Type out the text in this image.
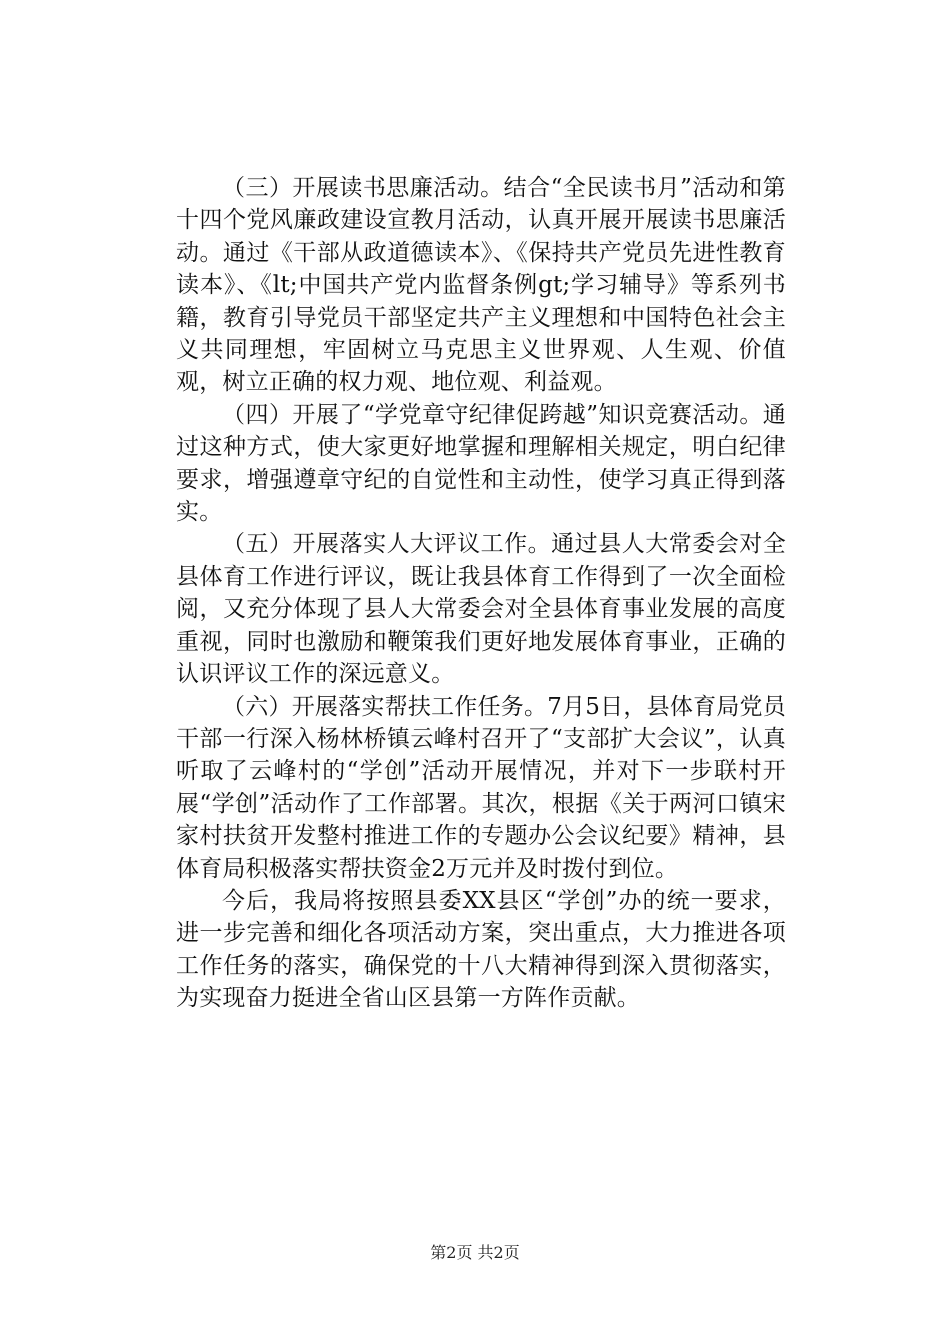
（三）开展读书思廉活动。结合“全民读书月”活动和第十四个党风廉政建设宣教月活动，认真开展开展读书思廉活动。通过《干部从政道德读本》、《保持共产党员先进性教育读本》、《lt;中国共产党内监督条例gt;学习辅导》等系列书籍，教育引导党员干部坚定共产主义理想和中国特色社会主义共同理想，牢固树立马克思主义世界观、人生观、价值观，树立正确的权力观、地位观、利益观。

（四）开展了“学党章守纪律促跨越”知识竞赛活动。通过这种方式，使大家更好地掌握和理解相关规定，明白纪律要求，增强遵章守纪的自觉性和主动性，使学习真正得到落实。

（五）开展落实人大评议工作。通过县人大常委会对全县体育工作进行评议，既让我县体育工作得到了一次全面检阅，又充分体现了县人大常委会对全县体育事业发展的高度重视，同时也激励和鞭策我们更好地发展体育事业，正确的认识评议工作的深远意义。

（六）开展落实帮扶工作任务。7月5日，县体育局党员干部一行深入杨林桥镇云峰村召开了“支部扩大会议”，认真听取了云峰村的“学创”活动开展情况，并对下一步联村开展“学创”活动作了工作部署。其次，根据《关于两河口镇宋家村扶贫开发整村推进工作的专题办公会议纪要》精神，县体育局积极落实帮扶资金2万元并及时拨付到位。

今后，我局将按照县委XX县区“学创”办的统一要求，进一步完善和细化各项活动方案，突出重点，大力推进各项工作任务的落实，确保党的十八大精神得到深入贯彻落实，为实现奋力挺进全省山区县第一方阵作贡献。

第2页 共2页
